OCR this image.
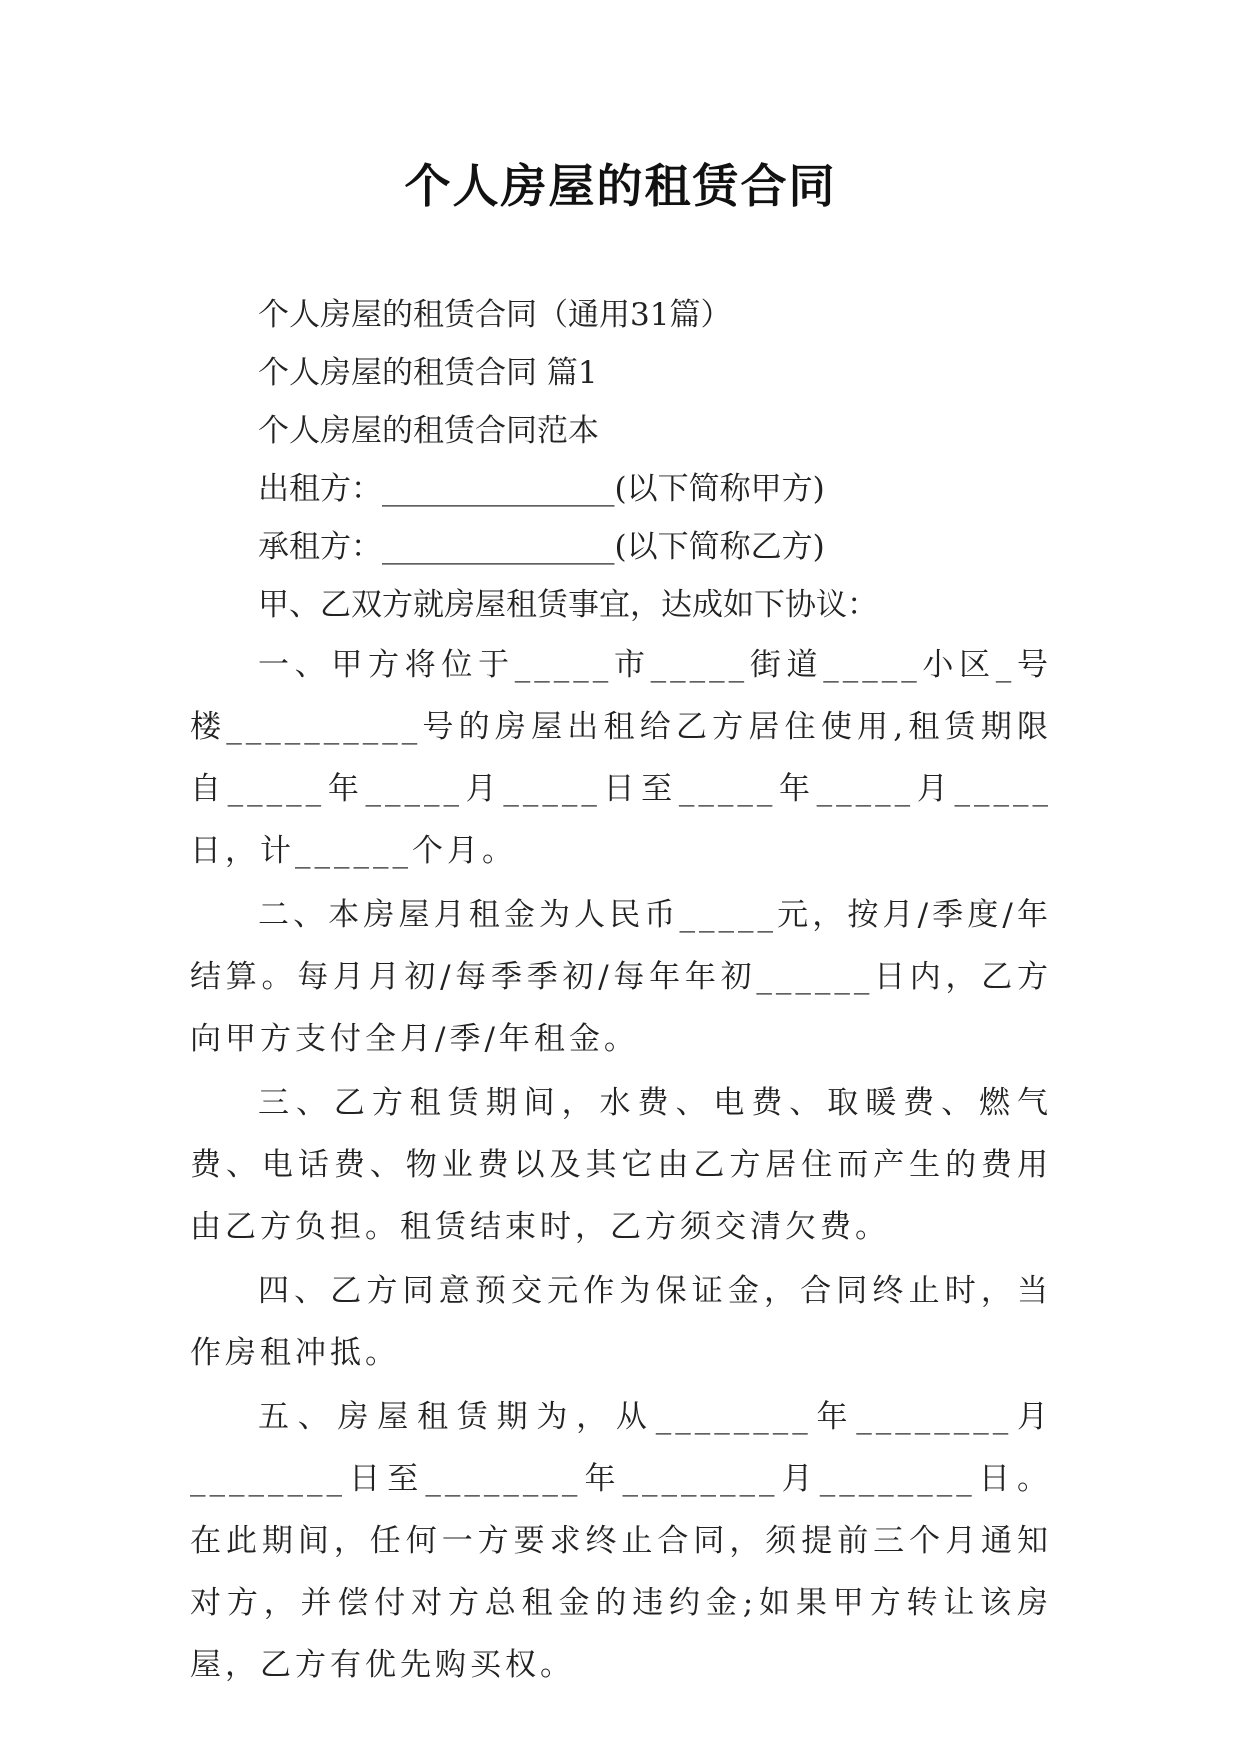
个人房屋的租赁合同

个人房屋的租赁合同（通用31篇）

个人房屋的租赁合同 篇1

个人房屋的租赁合同范本

出租方：_______________(以下简称甲方)

承租方：_______________(以下简称乙方)

甲、乙双方就房屋租赁事宜，达成如下协议：

一、甲方将位于_____市_____街道_____小区_号楼__________号的房屋出租给乙方居住使用,租赁期限自_____年_____月_____日至_____年_____月_____日，计______个月。

二、本房屋月租金为人民币_____元，按月/季度/年结算。每月月初/每季季初/每年年初______日内，乙方向甲方支付全月/季/年租金。

三、乙方租赁期间，水费、电费、取暖费、燃气费、电话费、物业费以及其它由乙方居住而产生的费用由乙方负担。租赁结束时，乙方须交清欠费。

四、乙方同意预交元作为保证金，合同终止时，当作房租冲抵。

五、房屋租赁期为，从________年________月________日至________年________月________日。在此期间，任何一方要求终止合同，须提前三个月通知对方，并偿付对方总租金的违约金;如果甲方转让该房屋，乙方有优先购买权。
